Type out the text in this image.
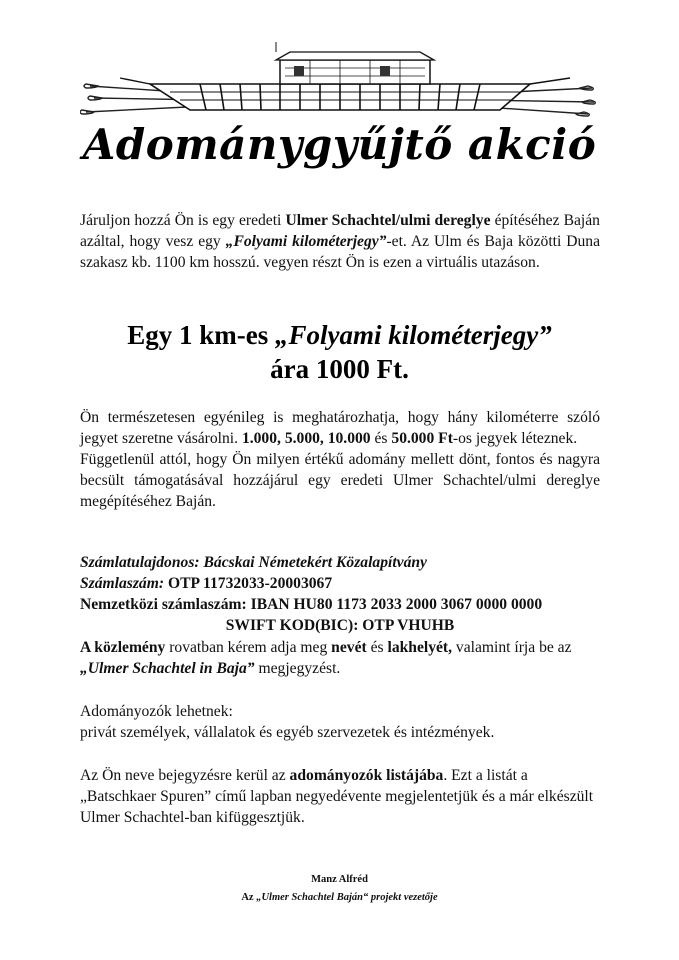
Adománygyűjtő akció
Járuljon hozzá Ön is egy eredeti Ulmer Schachtel/ulmi dereglye építéséhez Baján azáltal, hogy vesz egy „Folyami kilométerjegy”-et. Az Ulm és Baja közötti Duna szakasz kb. 1100 km hosszú. vegyen részt Ön is ezen a virtuális utazáson.
Egy 1 km-es „Folyami kilométerjegy”
ára 1000 Ft.
Ön természetesen egyénileg is meghatározhatja, hogy hány kilométerre szóló jegyet szeretne vásárolni. 1.000, 5.000, 10.000 és 50.000 Ft-os jegyek léteznek.
Függetlenül attól, hogy Ön milyen értékű adomány mellett dönt, fontos és nagyra becsült támogatásával hozzájárul egy eredeti Ulmer Schachtel/ulmi dereglye megépítéséhez Baján.
Számlatulajdonos: Bácskai Németekért Közalapítvány
Számlaszám: OTP 11732033-20003067
Nemzetközi számlaszám: IBAN HU80 1173 2033 2000 3067 0000 0000
SWIFT KOD(BIC): OTP VHUHB
A közlemény rovatban kérem adja meg nevét és lakhelyét, valamint írja be az „Ulmer Schachtel in Baja” megjegyzést.
Adományozók lehetnek:
privát személyek, vállalatok és egyéb szervezetek és intézmények.
Az Ön neve bejegyzésre kerül az adományozók listájába. Ezt a listát a „Batschkaer Spuren” című lapban negyedévente megjelentetjük és a már elkészült Ulmer Schachtel-ban kifüggesztjük.
Manz Alfréd
Az „Ulmer Schachtel Baján“ projekt vezetője
